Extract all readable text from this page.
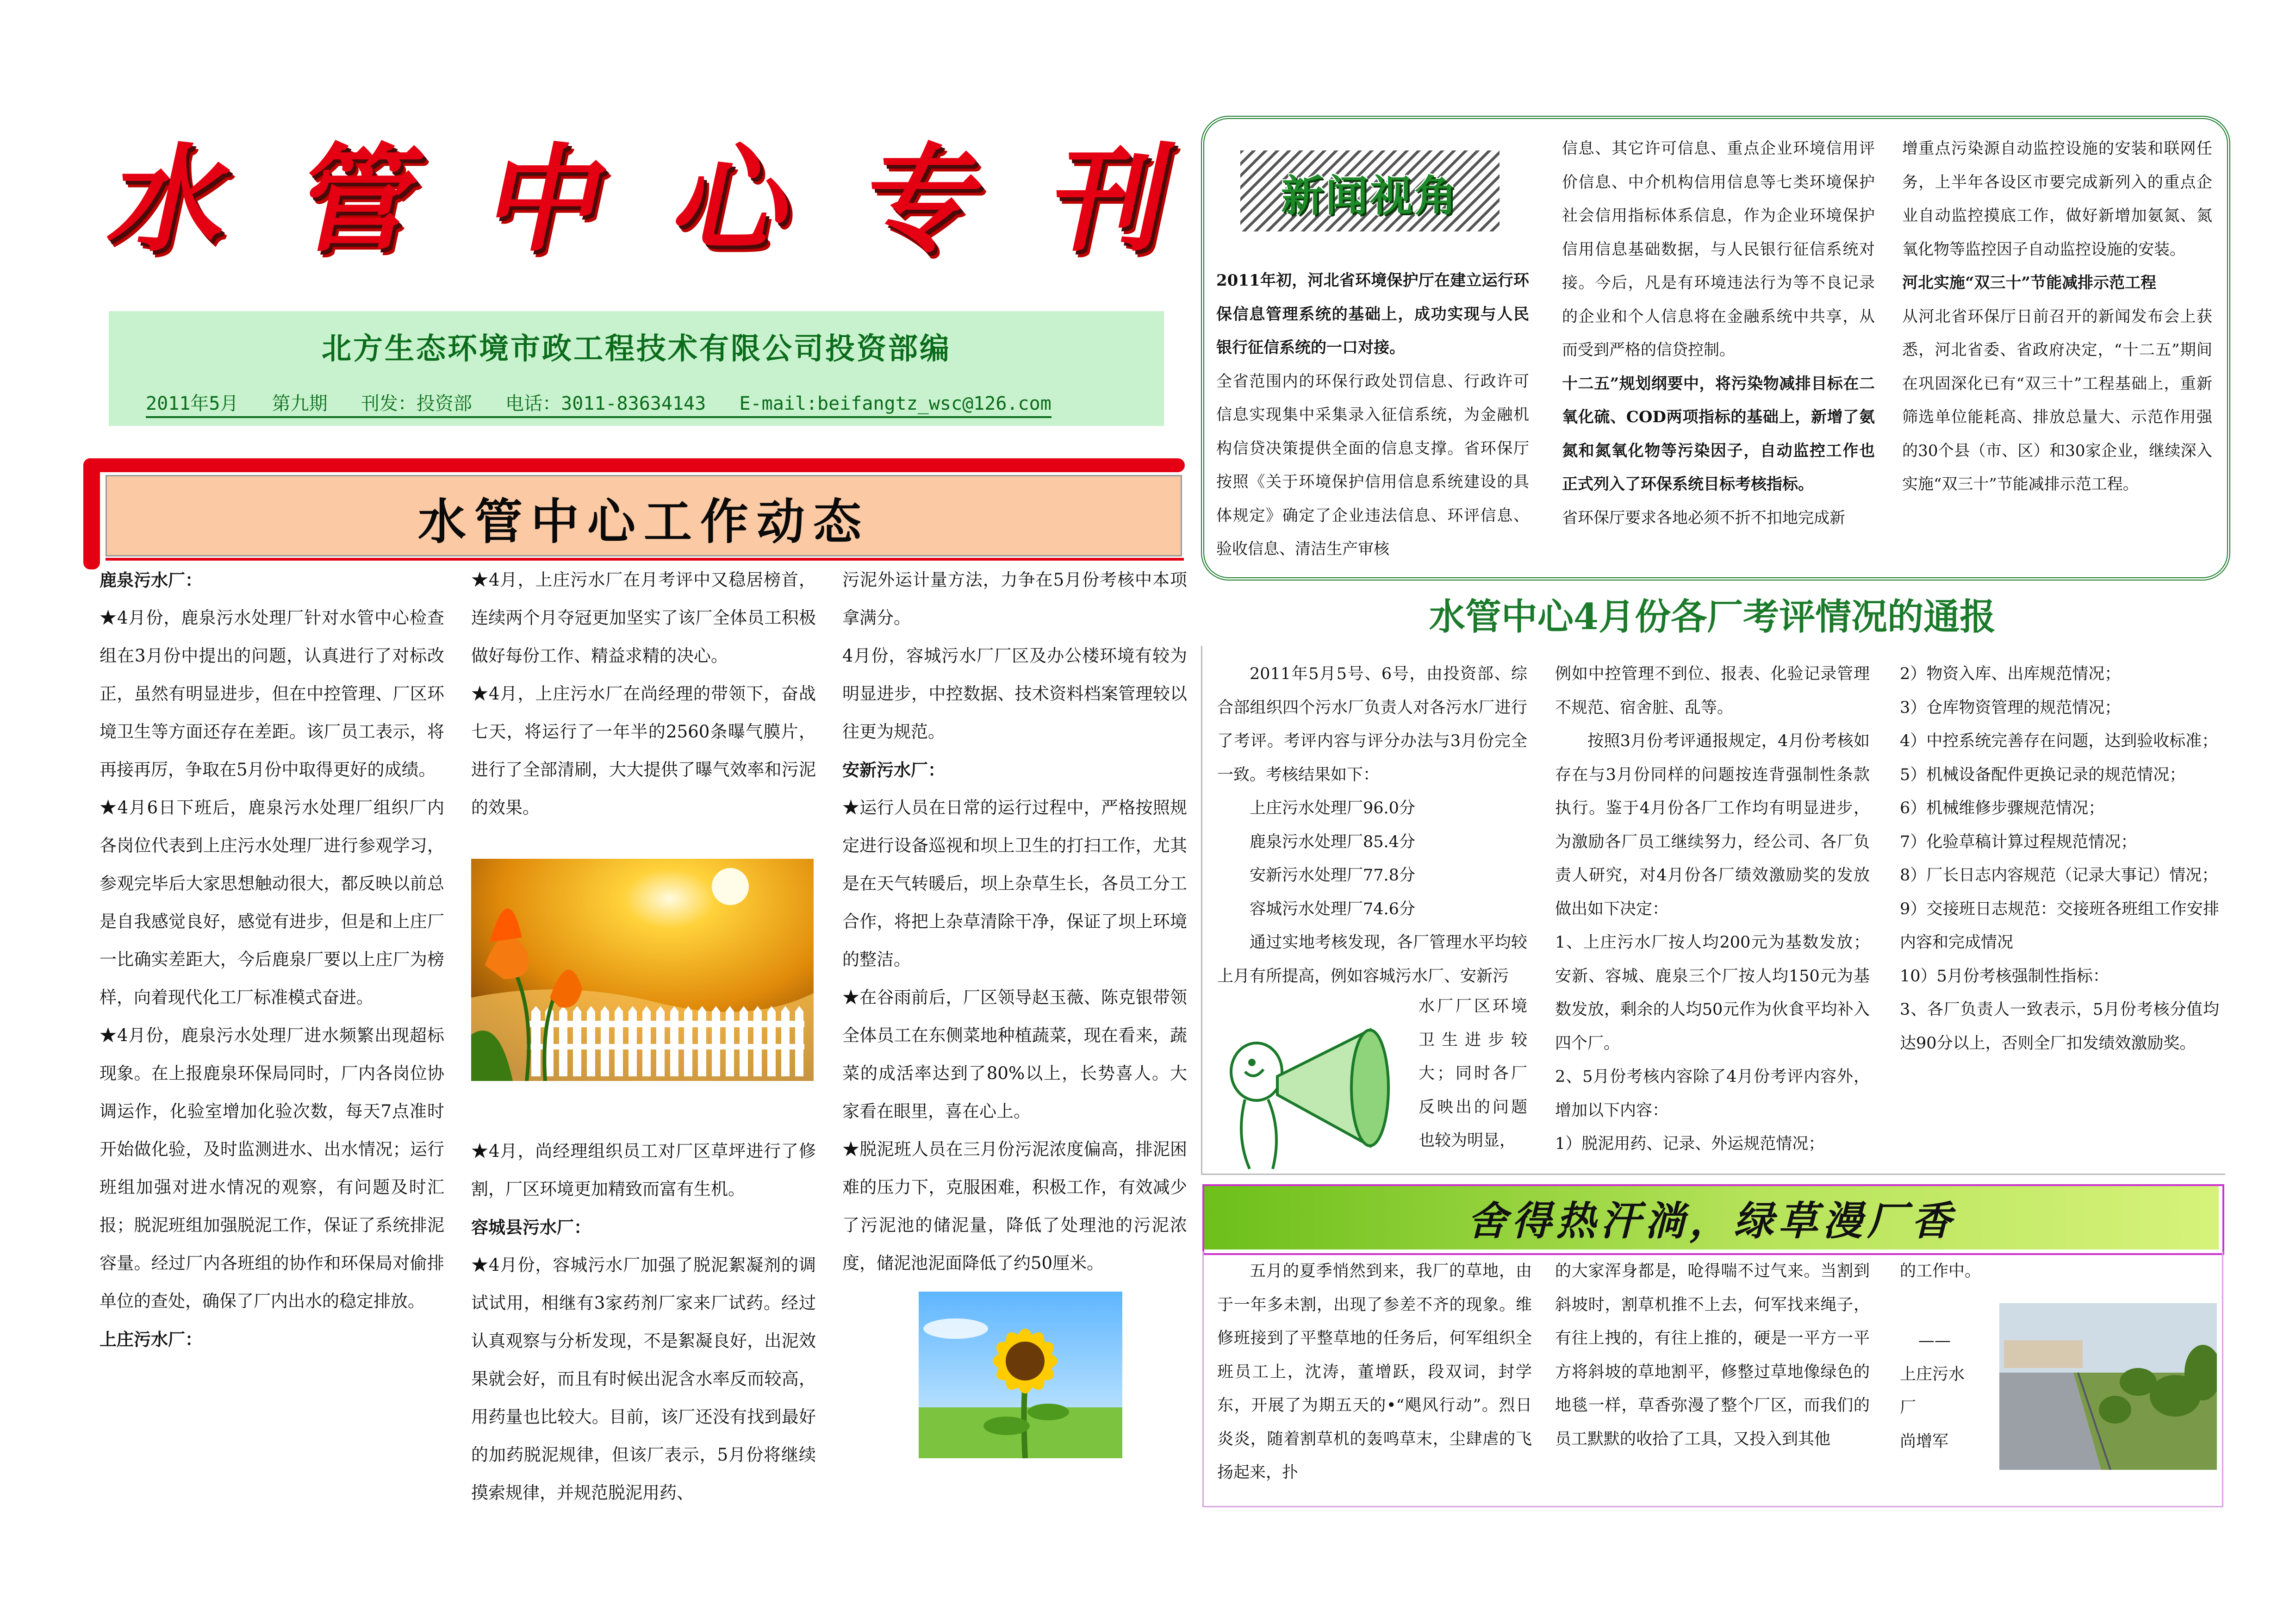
水 管 中 心 专 刊
北方生态环境市政工程技术有限公司投资部编
2011年5月   第九期   刊发：投资部   电话：3011-83634143   E-mail:beifangtz_wsc@126.com
水管中心工作动态

鹿泉污水厂：

★4月份，鹿泉污水处理厂针对水管中心检查组在3月份中提出的问题，认真进行了对标改正，虽然有明显进步，但在中控管理、厂区环境卫生等方面还存在差距。该厂员工表示，将再接再厉，争取在5月份中取得更好的成绩。

★4月6日下班后，鹿泉污水处理厂组织厂内各岗位代表到上庄污水处理厂进行参观学习，参观完毕后大家思想触动很大，都反映以前总是自我感觉良好，感觉有进步，但是和上庄厂一比确实差距大，今后鹿泉厂要以上庄厂为榜样，向着现代化工厂标准模式奋进。

★4月份，鹿泉污水处理厂进水频繁出现超标现象。在上报鹿泉环保局同时，厂内各岗位协调运作，化验室增加化验次数，每天7点准时开始做化验，及时监测进水、出水情况；运行班组加强对进水情况的观察，有问题及时汇报；脱泥班组加强脱泥工作，保证了系统排泥容量。经过厂内各班组的协作和环保局对偷排单位的查处，确保了厂内出水的稳定排放。

上庄污水厂：

★4月，上庄污水厂在月考评中又稳居榜首，连续两个月夺冠更加坚实了该厂全体员工积极做好每份工作、精益求精的决心。

★4月，上庄污水厂在尚经理的带领下，奋战七天，将运行了一年半的2560条曝气膜片，进行了全部清刷，大大提供了曝气效率和污泥的效果。

★4月，尚经理组织员工对厂区草坪进行了修割，厂区环境更加精致而富有生机。

容城县污水厂：

★4月份，容城污水厂加强了脱泥絮凝剂的调试试用，相继有3家药剂厂家来厂试药。经过认真观察与分析发现，不是絮凝良好，出泥效果就会好，而且有时候出泥含水率反而较高，用药量也比较大。目前，该厂还没有找到最好的加药脱泥规律，但该厂表示，5月份将继续摸索规律，并规范脱泥用药、

污泥外运计量方法，力争在5月份考核中本项拿满分。

4月份，容城污水厂厂区及办公楼环境有较为明显进步，中控数据、技术资料档案管理较以往更为规范。

安新污水厂：

★运行人员在日常的运行过程中，严格按照规定进行设备巡视和坝上卫生的打扫工作，尤其是在天气转暖后，坝上杂草生长，各员工分工合作，将把上杂草清除干净，保证了坝上环境的整洁。

★在谷雨前后，厂区领导赵玉薇、陈克银带领全体员工在东侧菜地种植蔬菜，现在看来，蔬菜的成活率达到了80%以上，长势喜人。大家看在眼里，喜在心上。

★脱泥班人员在三月份污泥浓度偏高，排泥困难的压力下，克服困难，积极工作，有效减少了污泥池的储泥量，降低了处理池的污泥浓度，储泥池泥面降低了约50厘米。

新闻视角

2011年初，河北省环境保护厅在建立运行环保信息管理系统的基础上，成功实现与人民银行征信系统的一口对接。

全省范围内的环保行政处罚信息、行政许可信息实现集中采集录入征信系统，为金融机构信贷决策提供全面的信息支撑。省环保厅按照《关于环境保护信用信息系统建设的具体规定》确定了企业违法信息、环评信息、验收信息、清洁生产审核

信息、其它许可信息、重点企业环境信用评价信息、中介机构信用信息等七类环境保护社会信用指标体系信息，作为企业环境保护信用信息基础数据，与人民银行征信系统对接。今后，凡是有环境违法行为等不良记录的企业和个人信息将在金融系统中共享，从而受到严格的信贷控制。

十二五”规划纲要中，将污染物减排目标在二氧化硫、COD两项指标的基础上，新增了氨氮和氮氧化物等污染因子，自动监控工作也正式列入了环保系统目标考核指标。

省环保厅要求各地必须不折不扣地完成新

增重点污染源自动监控设施的安装和联网任务，上半年各设区市要完成新列入的重点企业自动监控摸底工作，做好新增加氨氮、氮氧化物等监控因子自动监控设施的安装。

河北实施“双三十”节能减排示范工程

从河北省环保厅日前召开的新闻发布会上获悉，河北省委、省政府决定，“十二五”期间在巩固深化已有“双三十”工程基础上，重新筛选单位能耗高、排放总量大、示范作用强的30个县（市、区）和30家企业，继续深入实施“双三十”节能减排示范工程。

水管中心4月份各厂考评情况的通报

2011年5月5号、6号，由投资部、综合部组织四个污水厂负责人对各污水厂进行了考评。考评内容与评分办法与3月份完全一致。考核结果如下：

上庄污水处理厂96.0分

鹿泉污水处理厂85.4分

安新污水处理厂77.8分

容城污水处理厂74.6分

通过实地考核发现，各厂管理水平均较上月有所提高，例如容城污水厂、安新污

水厂厂区环境卫生进步较大；同时各厂反映出的问题也较为明显，

例如中控管理不到位、报表、化验记录管理不规范、宿舍脏、乱等。

按照3月份考评通报规定，4月份考核如存在与3月份同样的问题按连背强制性条款执行。鉴于4月份各厂工作均有明显进步，为激励各厂员工继续努力，经公司、各厂负责人研究，对4月份各厂绩效激励奖的发放做出如下决定：

1、上庄污水厂按人均200元为基数发放；安新、容城、鹿泉三个厂按人均150元为基数发放，剩余的人均50元作为伙食平均补入四个厂。

2、5月份考核内容除了4月份考评内容外，增加以下内容：

1）脱泥用药、记录、外运规范情况；

2）物资入库、出库规范情况；

3）仓库物资管理的规范情况；

4）中控系统完善存在问题，达到验收标准；

5）机械设备配件更换记录的规范情况；

6）机械维修步骤规范情况；

7）化验草稿计算过程规范情况；

8）厂长日志内容规范（记录大事记）情况；

9）交接班日志规范：交接班各班组工作安排内容和完成情况

10）5月份考核强制性指标：

3、各厂负责人一致表示，5月份考核分值均达90分以上，否则全厂扣发绩效激励奖。

舍得热汗淌，绿草漫厂香

五月的夏季悄然到来，我厂的草地，由于一年多未割，出现了参差不齐的现象。维修班接到了平整草地的任务后，何军组织全班员工上，沈涛，董增跃，段双词，封学东，开展了为期五天的•“飓风行动”。烈日炎炎，随着割草机的轰鸣草末，尘肆虐的飞扬起来，扑

的大家浑身都是，呛得喘不过气来。当割到斜坡时，割草机推不上去，何军找来绳子，有往上拽的，有往上推的，硬是一平方一平方将斜坡的草地割平，修整过草地像绿色的地毯一样，草香弥漫了整个厂区，而我们的员工默默的收拾了工具，又投入到其他

的工作中。

——

上庄污水

厂

尚增军
